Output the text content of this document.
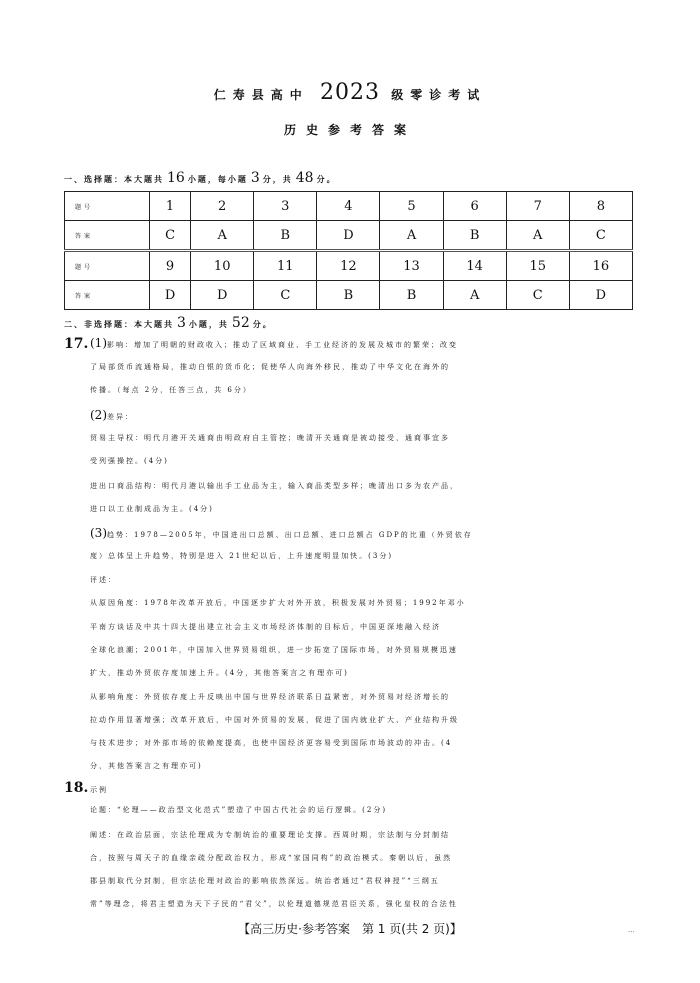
仁寿县高中 2023 级零诊考试
历史参考答案
一、选择题：本大题共 16 小题，每小题 3 分，共 48 分。
题号	1	2	3	4	5	6	7	8
答案	C	A	B	D	A	B	A	C
题号	9	10	11	12	13	14	15	16
答案	D	D	C	B	B	A	C	D
二、非选择题：本大题共 3 小题，共 52 分。
17. (1)影响：增加了明朝的财政收入；推动了区域商业、手工业经济的发展及城市的繁荣；改变
了局部货币流通格局，推动白银的货币化；促使华人向海外移民，推动了中华文化在海外的
传播。（每点 2分，任答三点，共 6分）
(2)差异：
贸易主导权：明代月港开关通商由明政府自主管控；晚清开关通商是被动接受，通商事宜多
受列强操控。(4分)
进出口商品结构：明代月港以输出手工业品为主，输入商品类型多样；晚清出口多为农产品，
进口以工业制成品为主。(4分)
(3)趋势：1978—2005年，中国进出口总额、出口总额、进口总额占 GDP的比重（外贸依存
度）总体呈上升趋势，特别是进入 21世纪以后，上升速度明显加快。(3分)
评述：
从原因角度：1978年改革开放后，中国逐步扩大对外开放，积极发展对外贸易；1992年邓小
平南方谈话及中共十四大提出建立社会主义市场经济体制的目标后，中国更深地融入经济
全球化浪潮；2001年，中国加入世界贸易组织，进一步拓宽了国际市场，对外贸易规模迅速
扩大，推动外贸依存度加速上升。(4分，其他答案言之有理亦可)
从影响角度：外贸依存度上升反映出中国与世界经济联系日益紧密，对外贸易对经济增长的
拉动作用显著增强；改革开放后，中国对外贸易的发展，促进了国内就业扩大、产业结构升级
与技术进步；对外部市场的依赖度提高，也使中国经济更容易受到国际市场波动的冲击。(4
分，其他答案言之有理亦可)
18. 示例
论题：“伦理——政治型文化范式”塑造了中国古代社会的运行逻辑。(2分)
阐述：在政治层面，宗法伦理成为专制统治的重要理论支撑。西周时期，宗法制与分封制结
合，按照与周天子的血缘亲疏分配政治权力，形成“家国同构”的政治模式。秦朝以后，虽然
郡县制取代分封制，但宗法伦理对政治的影响依然深远。统治者通过“君权神授”“三纲五
常”等理念，将君主塑造为天下子民的“君父”，以伦理道德规范君臣关系，强化皇权的合法性
【高三历史·参考答案　第 1 页(共 2 页)】	...
